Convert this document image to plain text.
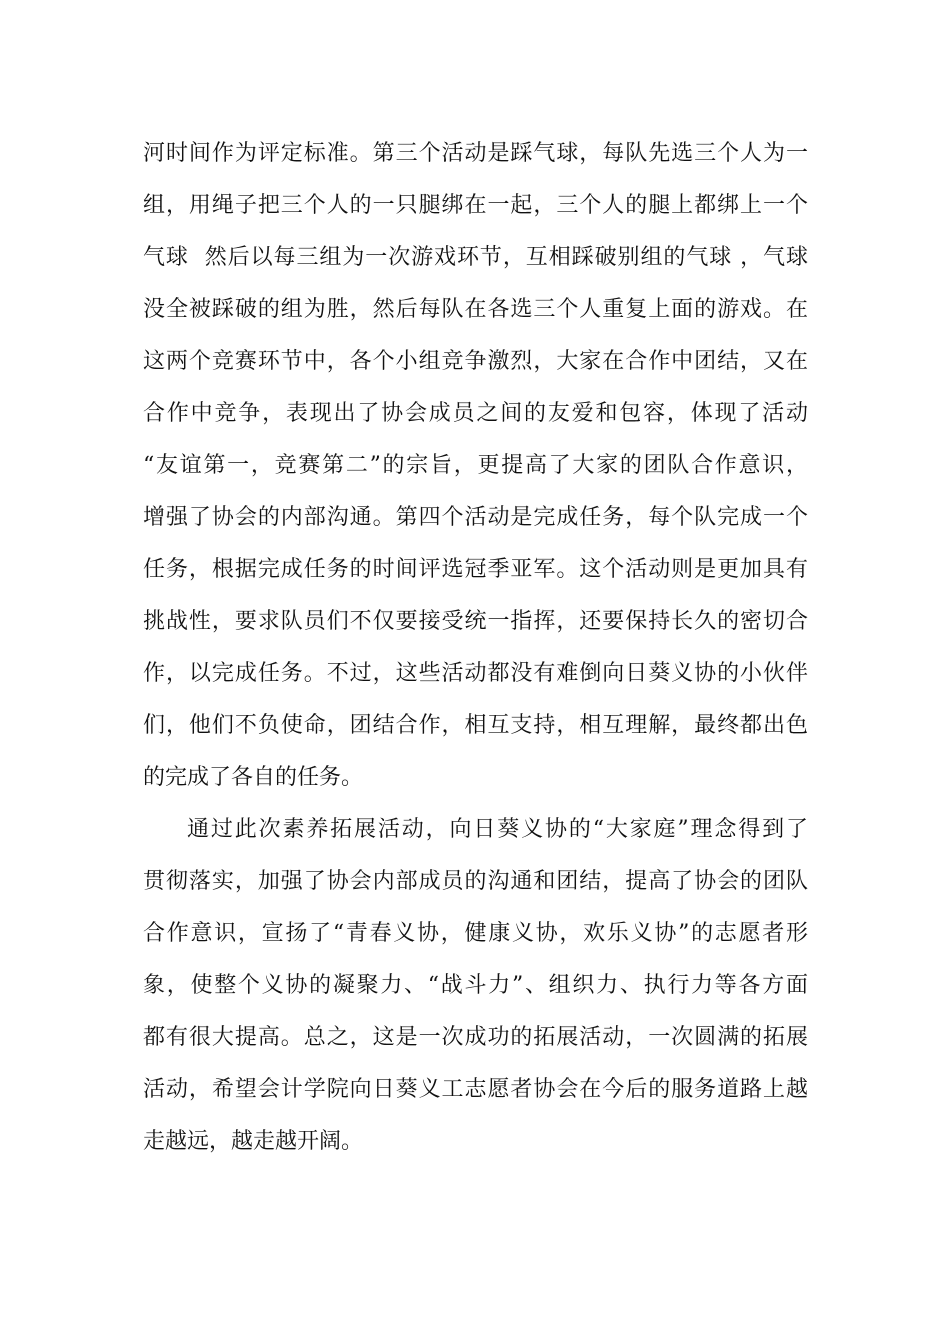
河时间作为评定标准。第三个活动是踩气球，每队先选三个人为一
组，用绳子把三个人的一只腿绑在一起，三个人的腿上都绑上一个
气球  然后以每三组为一次游戏环节，互相踩破别组的气球 ，气球
没全被踩破的组为胜，然后每队在各选三个人重复上面的游戏。在
这两个竞赛环节中，各个小组竞争激烈，大家在合作中团结，又在
合作中竞争，表现出了协会成员之间的友爱和包容，体现了活动
“友谊第一，竞赛第二”的宗旨，更提高了大家的团队合作意识，
增强了协会的内部沟通。第四个活动是完成任务，每个队完成一个
任务，根据完成任务的时间评选冠季亚军。这个活动则是更加具有
挑战性，要求队员们不仅要接受统一指挥，还要保持长久的密切合
作，以完成任务。不过，这些活动都没有难倒向日葵义协的小伙伴
们，他们不负使命，团结合作，相互支持，相互理解，最终都出色
的完成了各自的任务。
通过此次素养拓展活动，向日葵义协的“大家庭”理念得到了
贯彻落实，加强了协会内部成员的沟通和团结，提高了协会的团队
合作意识，宣扬了“青春义协，健康义协，欢乐义协”的志愿者形
象，使整个义协的凝聚力、“战斗力”、组织力、执行力等各方面
都有很大提高。总之，这是一次成功的拓展活动，一次圆满的拓展
活动，希望会计学院向日葵义工志愿者协会在今后的服务道路上越
走越远，越走越开阔。
